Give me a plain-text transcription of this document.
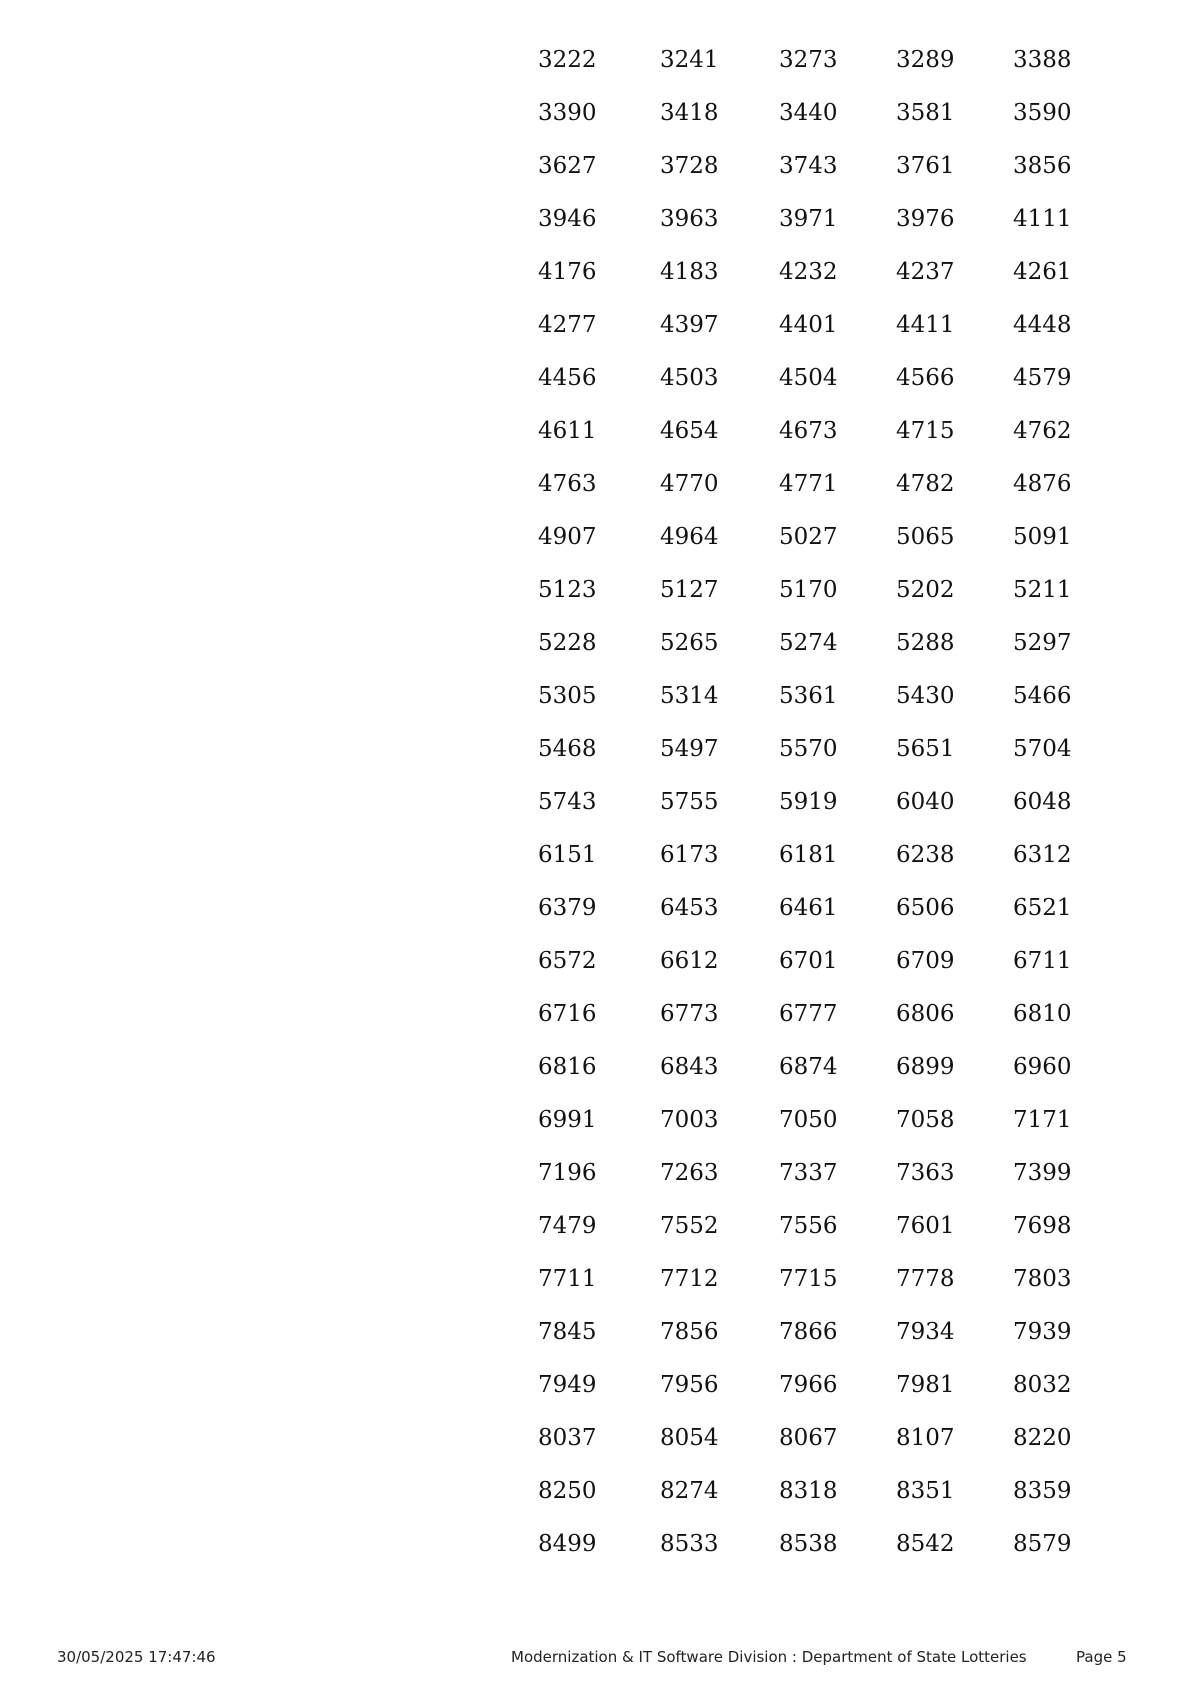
3222	3241	3273	3289	3388
3390	3418	3440	3581	3590
3627	3728	3743	3761	3856
3946	3963	3971	3976	4111
4176	4183	4232	4237	4261
4277	4397	4401	4411	4448
4456	4503	4504	4566	4579
4611	4654	4673	4715	4762
4763	4770	4771	4782	4876
4907	4964	5027	5065	5091
5123	5127	5170	5202	5211
5228	5265	5274	5288	5297
5305	5314	5361	5430	5466
5468	5497	5570	5651	5704
5743	5755	5919	6040	6048
6151	6173	6181	6238	6312
6379	6453	6461	6506	6521
6572	6612	6701	6709	6711
6716	6773	6777	6806	6810
6816	6843	6874	6899	6960
6991	7003	7050	7058	7171
7196	7263	7337	7363	7399
7479	7552	7556	7601	7698
7711	7712	7715	7778	7803
7845	7856	7866	7934	7939
7949	7956	7966	7981	8032
8037	8054	8067	8107	8220
8250	8274	8318	8351	8359
8499	8533	8538	8542	8579
30/05/2025 17:47:46	Modernization & IT Software Division : Department of State Lotteries	Page 5
